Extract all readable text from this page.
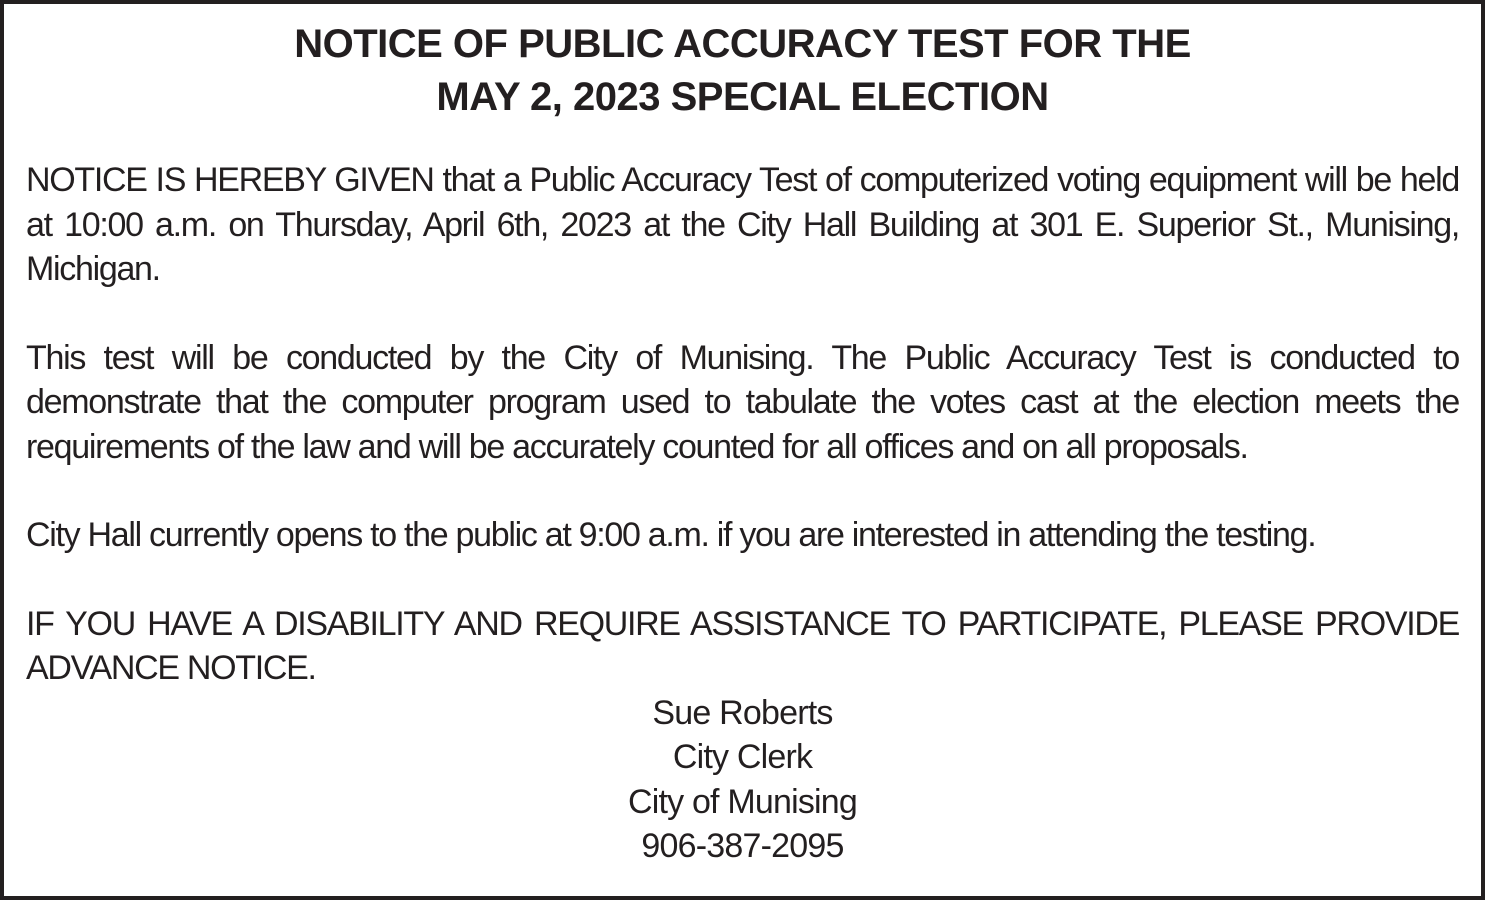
NOTICE OF PUBLIC ACCURACY TEST FOR THE
MAY 2, 2023 SPECIAL ELECTION

NOTICE IS HEREBY GIVEN that a Public Accuracy Test of computerized voting equipment will be held at 10:00 a.m. on Thursday, April 6th, 2023 at the City Hall Building at 301 E. Superior St., Munising, Michigan.

This test will be conducted by the City of Munising. The Public Accuracy Test is conducted to demonstrate that the computer program used to tabulate the votes cast at the election meets the requirements of the law and will be accurately counted for all offices and on all proposals.

City Hall currently opens to the public at 9:00 a.m. if you are interested in attending the testing.

IF YOU HAVE A DISABILITY AND REQUIRE ASSISTANCE TO PARTICIPATE, PLEASE PROVIDE ADVANCE NOTICE.

Sue Roberts
City Clerk
City of Munising
906-387-2095
